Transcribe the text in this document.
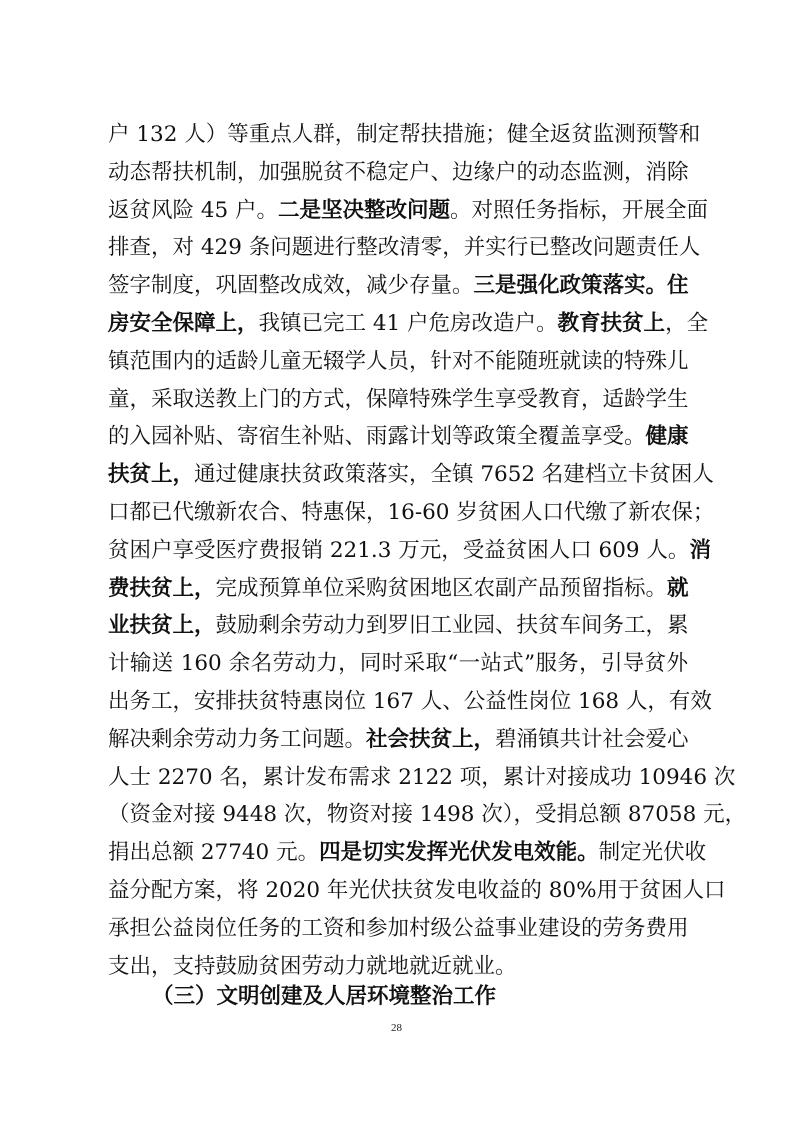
户 132 人）等重点人群，制定帮扶措施；健全返贫监测预警和
动态帮扶机制，加强脱贫不稳定户、边缘户的动态监测，消除
返贫风险 45 户。二是坚决整改问题。对照任务指标，开展全面
排查，对 429 条问题进行整改清零，并实行已整改问题责任人
签字制度，巩固整改成效，减少存量。三是强化政策落实。住
房安全保障上，我镇已完工 41 户危房改造户。教育扶贫上，全
镇范围内的适龄儿童无辍学人员，针对不能随班就读的特殊儿
童，采取送教上门的方式，保障特殊学生享受教育，适龄学生
的入园补贴、寄宿生补贴、雨露计划等政策全覆盖享受。健康
扶贫上，通过健康扶贫政策落实，全镇 7652 名建档立卡贫困人
口都已代缴新农合、特惠保，16-60 岁贫困人口代缴了新农保；
贫困户享受医疗费报销 221.3 万元，受益贫困人口 609 人。消
费扶贫上，完成预算单位采购贫困地区农副产品预留指标。就
业扶贫上，鼓励剩余劳动力到罗旧工业园、扶贫车间务工，累
计输送 160 余名劳动力，同时采取“一站式”服务，引导贫外
出务工，安排扶贫特惠岗位 167 人、公益性岗位 168 人，有效
解决剩余劳动力务工问题。社会扶贫上，碧涌镇共计社会爱心
人士 2270 名，累计发布需求 2122 项，累计对接成功 10946 次
（资金对接 9448 次，物资对接 1498 次），受捐总额 87058 元，
捐出总额 27740 元。四是切实发挥光伏发电效能。制定光伏收
益分配方案，将 2020 年光伏扶贫发电收益的 80%用于贫困人口
承担公益岗位任务的工资和参加村级公益事业建设的劳务费用
支出，支持鼓励贫困劳动力就地就近就业。
（三）文明创建及人居环境整治工作
28
